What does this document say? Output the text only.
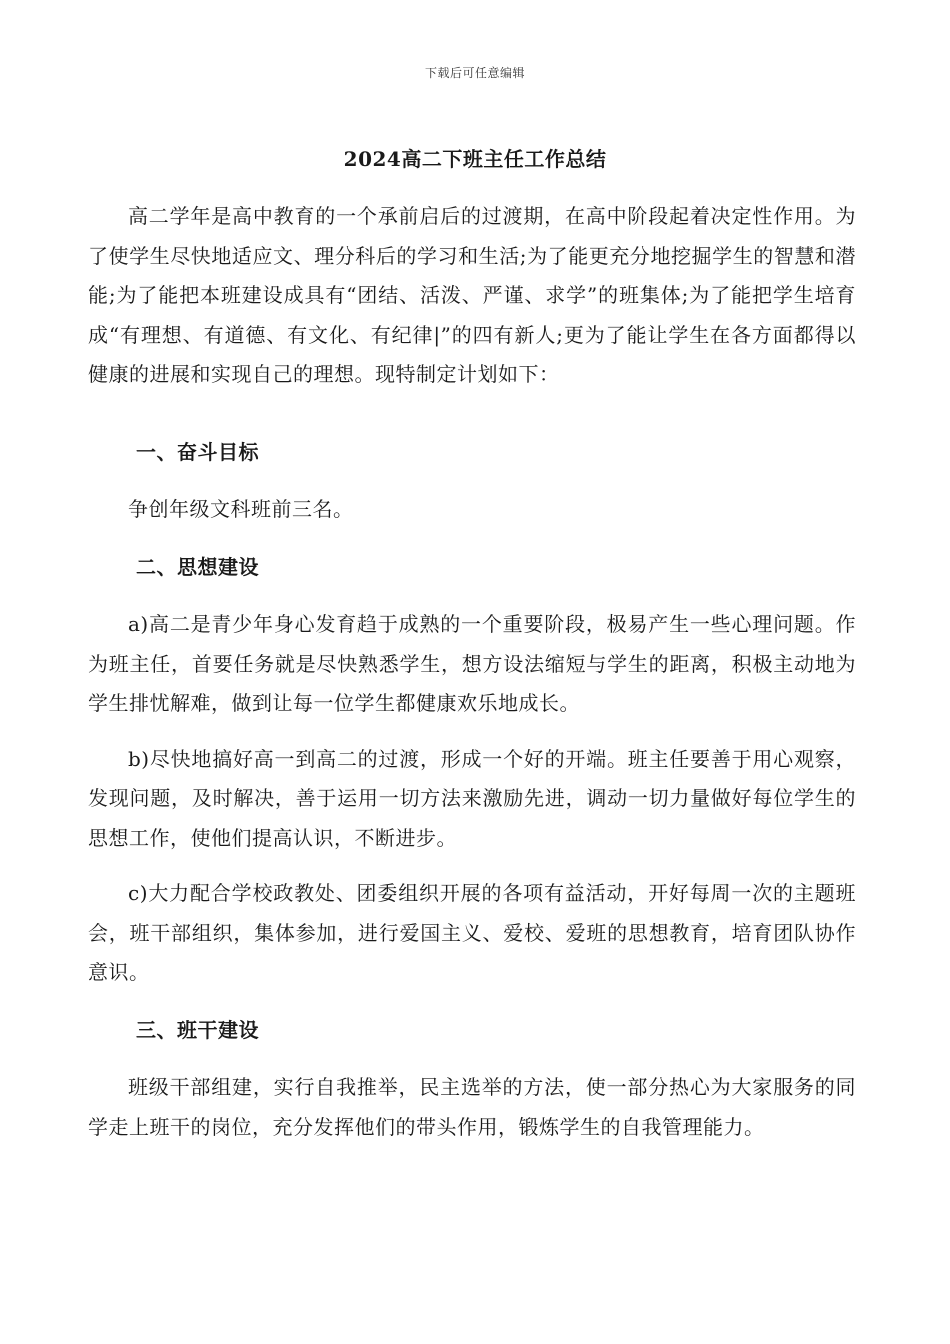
下载后可任意编辑
2024高二下班主任工作总结

高二学年是高中教育的一个承前启后的过渡期，在高中阶段起着决定性作用。为了使学生尽快地适应文、理分科后的学习和生活;为了能更充分地挖掘学生的智慧和潜能;为了能把本班建设成具有“团结、活泼、严谨、求学”的班集体;为了能把学生培育成“有理想、有道德、有文化、有纪律|”的四有新人;更为了能让学生在各方面都得以健康的进展和实现自己的理想。现特制定计划如下：

一、奋斗目标

争创年级文科班前三名。

二、思想建设

a)高二是青少年身心发育趋于成熟的一个重要阶段，极易产生一些心理问题。作为班主任，首要任务就是尽快熟悉学生，想方设法缩短与学生的距离，积极主动地为学生排忧解难，做到让每一位学生都健康欢乐地成长。

b)尽快地搞好高一到高二的过渡，形成一个好的开端。班主任要善于用心观察，发现问题，及时解决，善于运用一切方法来激励先进，调动一切力量做好每位学生的思想工作，使他们提高认识，不断进步。

c)大力配合学校政教处、团委组织开展的各项有益活动，开好每周一次的主题班会，班干部组织，集体参加，进行爱国主义、爱校、爱班的思想教育，培育团队协作意识。

三、班干建设

班级干部组建，实行自我推举，民主选举的方法，使一部分热心为大家服务的同学走上班干的岗位，充分发挥他们的带头作用，锻炼学生的自我管理能力。
